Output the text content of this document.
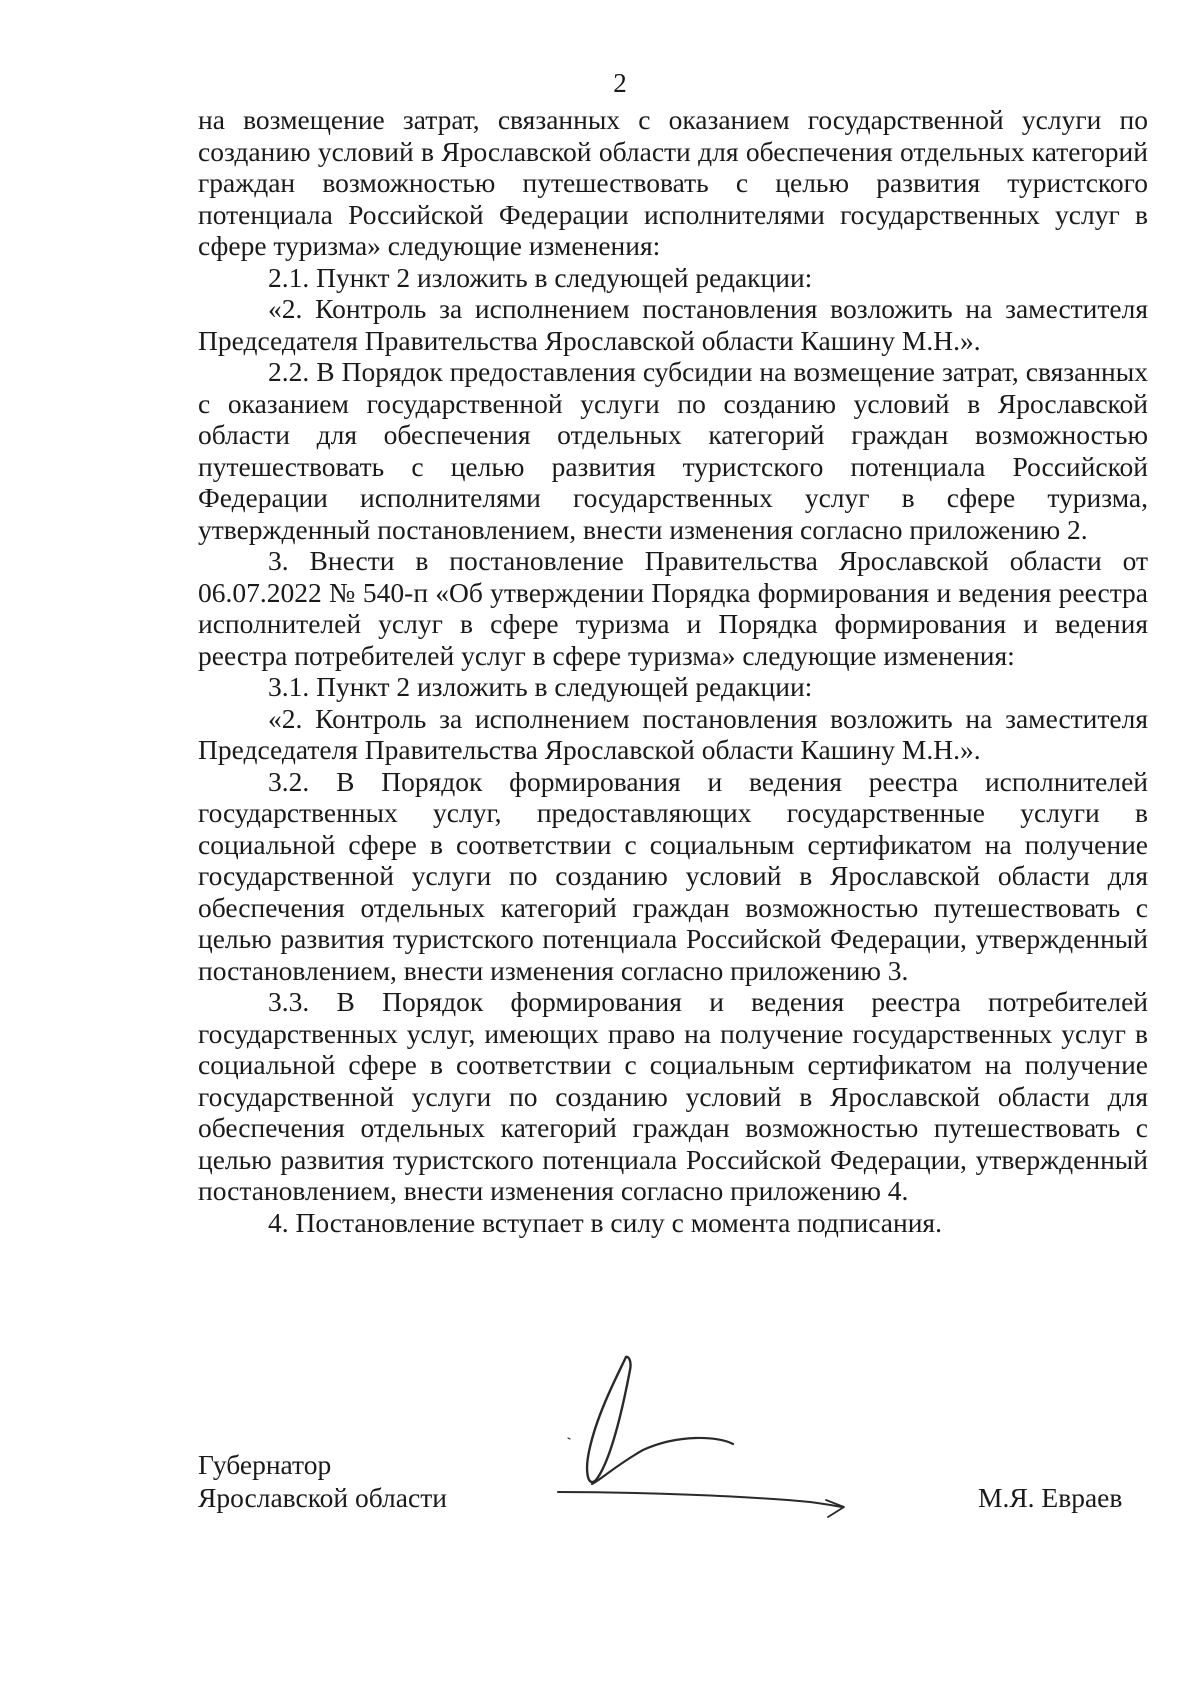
2

на возмещение затрат, связанных с оказанием государственной услуги по созданию условий в Ярославской области для обеспечения отдельных категорий граждан возможностью путешествовать с целью развития туристского потенциала Российской Федерации исполнителями государственных услуг в сфере туризма» следующие изменения:

2.1. Пункт 2 изложить в следующей редакции:

«2. Контроль за исполнением постановления возложить на заместителя Председателя Правительства Ярославской области Кашину М.Н.».

2.2. В Порядок предоставления субсидии на возмещение затрат, связанных с оказанием государственной услуги по созданию условий в Ярославской области для обеспечения отдельных категорий граждан возможностью путешествовать с целью развития туристского потенциала Российской Федерации исполнителями государственных услуг в сфере туризма, утвержденный постановлением, внести изменения согласно приложению 2.

3. Внести в постановление Правительства Ярославской области от 06.07.2022 № 540-п «Об утверждении Порядка формирования и ведения реестра исполнителей услуг в сфере туризма и Порядка формирования и ведения реестра потребителей услуг в сфере туризма» следующие изменения:

3.1. Пункт 2 изложить в следующей редакции:

«2. Контроль за исполнением постановления возложить на заместителя Председателя Правительства Ярославской области Кашину М.Н.».

3.2. В Порядок формирования и ведения реестра исполнителей государственных услуг, предоставляющих государственные услуги в социальной сфере в соответствии с социальным сертификатом на получение государственной услуги по созданию условий в Ярославской области для обеспечения отдельных категорий граждан возможностью путешествовать с целью развития туристского потенциала Российской Федерации, утвержденный постановлением, внести изменения согласно приложению 3.

3.3. В Порядок формирования и ведения реестра потребителей государственных услуг, имеющих право на получение государственных услуг в социальной сфере в соответствии с социальным сертификатом на получение государственной услуги по созданию условий в Ярославской области для обеспечения отдельных категорий граждан возможностью путешествовать с целью развития туристского потенциала Российской Федерации, утвержденный постановлением, внести изменения согласно приложению 4.

4. Постановление вступает в силу с момента подписания.

Губернатор
Ярославской области	М.Я. Евраев
